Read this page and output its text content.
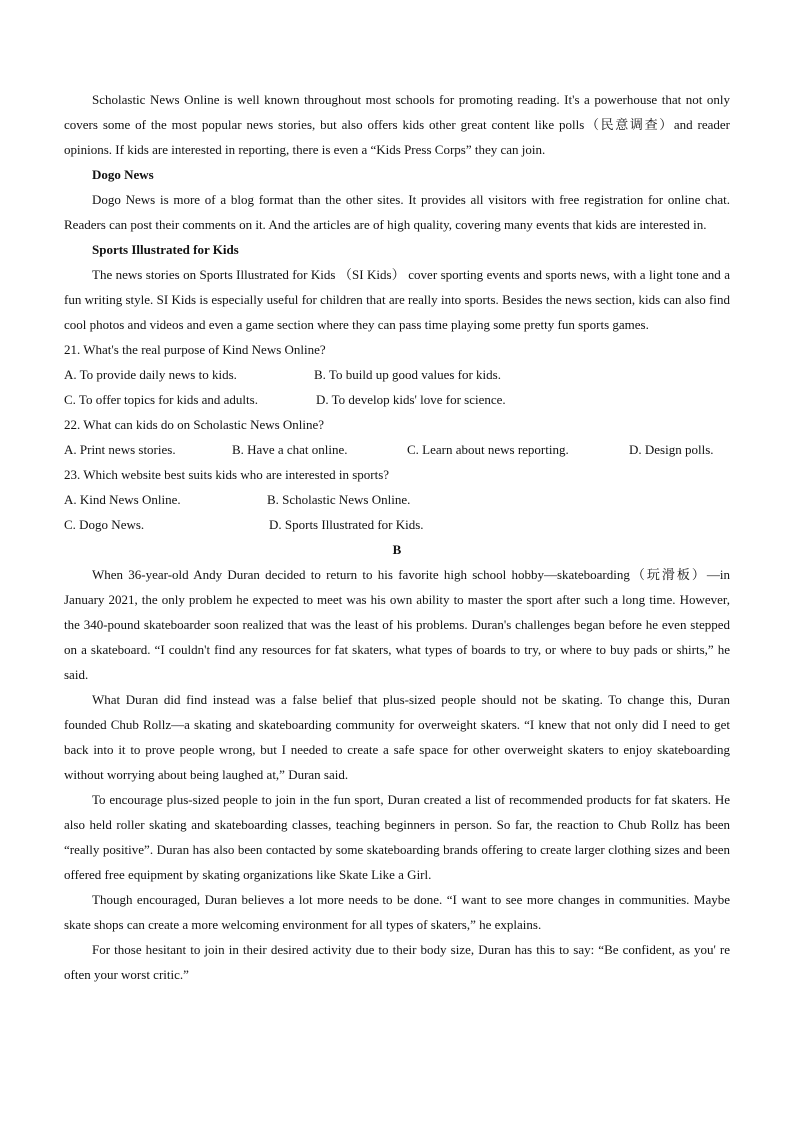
Scholastic News Online is well known throughout most schools for promoting reading. It's a powerhouse that not only covers some of the most popular news stories, but also offers kids other great content like polls（民意调查）and reader opinions. If kids are interested in reporting, there is even a “Kids Press Corps” they can join.

Dogo News

Dogo News is more of a blog format than the other sites. It provides all visitors with free registration for online chat. Readers can post their comments on it. And the articles are of high quality, covering many events that kids are interested in.

Sports Illustrated for Kids

The news stories on Sports Illustrated for Kids （SI Kids） cover sporting events and sports news, with a light tone and a fun writing style. SI Kids is especially useful for children that are really into sports. Besides the news section, kids can also find cool photos and videos and even a game section where they can pass time playing some pretty fun sports games.

21. What's the real purpose of Kind News Online?

A. To provide daily news to kids.	B. To build up good values for kids.
C. To offer topics for kids and adults.	D. To develop kids' love for science.

22. What can kids do on Scholastic News Online?

A. Print news stories.	B. Have a chat online.	C. Learn about news reporting.	D. Design polls.

23. Which website best suits kids who are interested in sports?

A. Kind News Online.	B. Scholastic News Online.
C. Dogo News.	D. Sports Illustrated for Kids.

B

When 36-year-old Andy Duran decided to return to his favorite high school hobby—skateboarding（玩滑板）—in January 2021, the only problem he expected to meet was his own ability to master the sport after such a long time. However, the 340-pound skateboarder soon realized that was the least of his problems. Duran's challenges began before he even stepped on a skateboard. “I couldn't find any resources for fat skaters, what types of boards to try, or where to buy pads or shirts,” he said.

What Duran did find instead was a false belief that plus-sized people should not be skating. To change this, Duran founded Chub Rollz—a skating and skateboarding community for overweight skaters. “I knew that not only did I need to get back into it to prove people wrong, but I needed to create a safe space for other overweight skaters to enjoy skateboarding without worrying about being laughed at,” Duran said.

To encourage plus-sized people to join in the fun sport, Duran created a list of recommended products for fat skaters. He also held roller skating and skateboarding classes, teaching beginners in person. So far, the reaction to Chub Rollz has been “really positive”. Duran has also been contacted by some skateboarding brands offering to create larger clothing sizes and been offered free equipment by skating organizations like Skate Like a Girl.

Though encouraged, Duran believes a lot more needs to be done. “I want to see more changes in communities. Maybe skate shops can create a more welcoming environment for all types of skaters,” he explains.

For those hesitant to join in their desired activity due to their body size, Duran has this to say: “Be confident, as you' re often your worst critic.”
